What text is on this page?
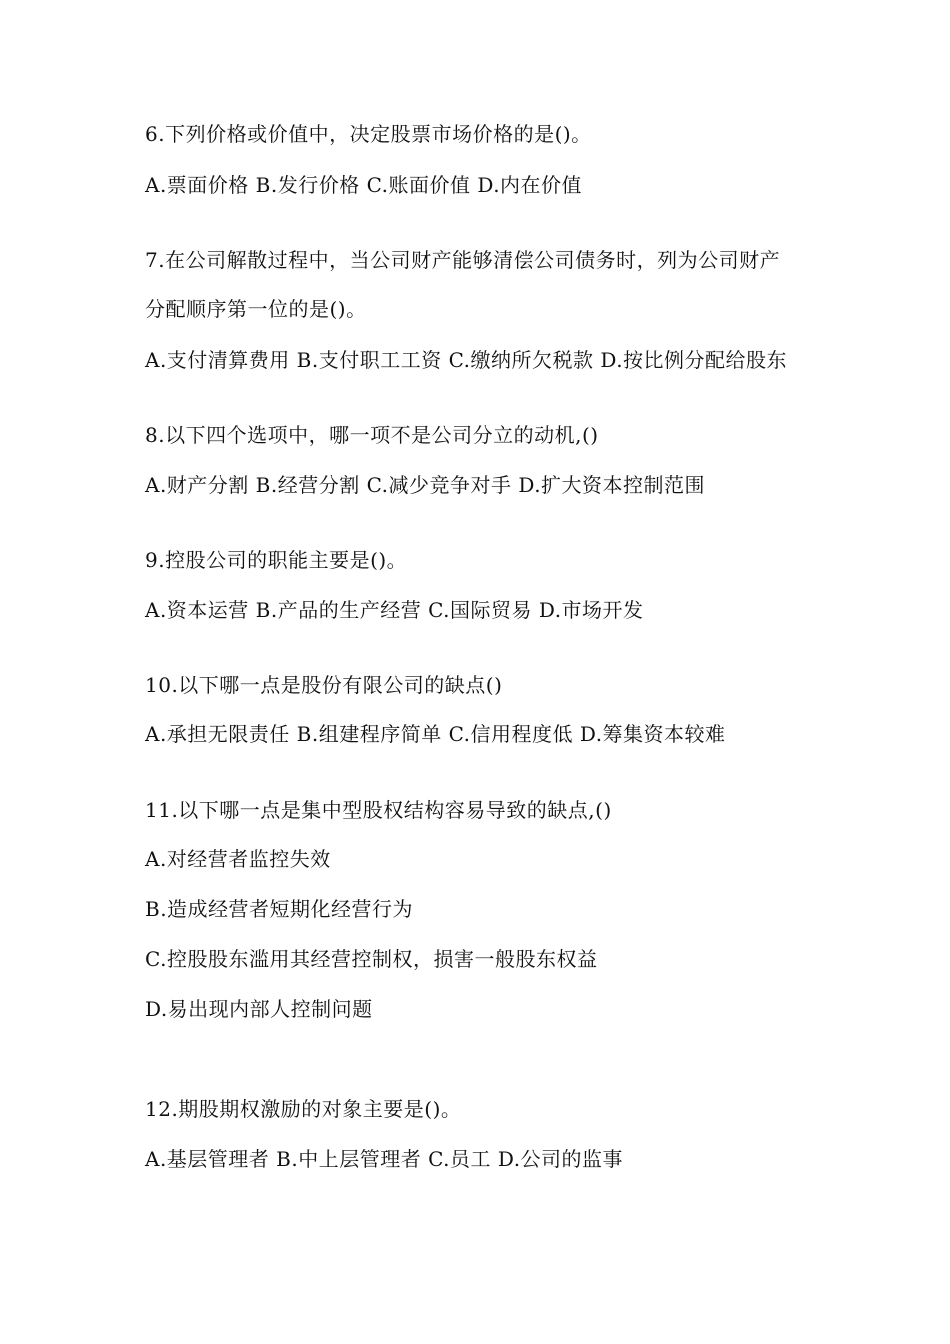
6.下列价格或价值中，决定股票市场价格的是()。
A.票面价格 B.发行价格 C.账面价值 D.内在价值
7.在公司解散过程中，当公司财产能够清偿公司债务时，列为公司财产
分配顺序第一位的是()。
A.支付清算费用 B.支付职工工资 C.缴纳所欠税款 D.按比例分配给股东
8.以下四个选项中，哪一项不是公司分立的动机,()
A.财产分割 B.经营分割 C.减少竞争对手 D.扩大资本控制范围
9.控股公司的职能主要是()。
A.资本运营 B.产品的生产经营 C.国际贸易 D.市场开发
10.以下哪一点是股份有限公司的缺点()
A.承担无限责任 B.组建程序简单 C.信用程度低 D.筹集资本较难
11.以下哪一点是集中型股权结构容易导致的缺点,()
A.对经营者监控失效
B.造成经营者短期化经营行为
C.控股股东滥用其经营控制权，损害一般股东权益
D.易出现内部人控制问题
12.期股期权激励的对象主要是()。
A.基层管理者 B.中上层管理者 C.员工 D.公司的监事
